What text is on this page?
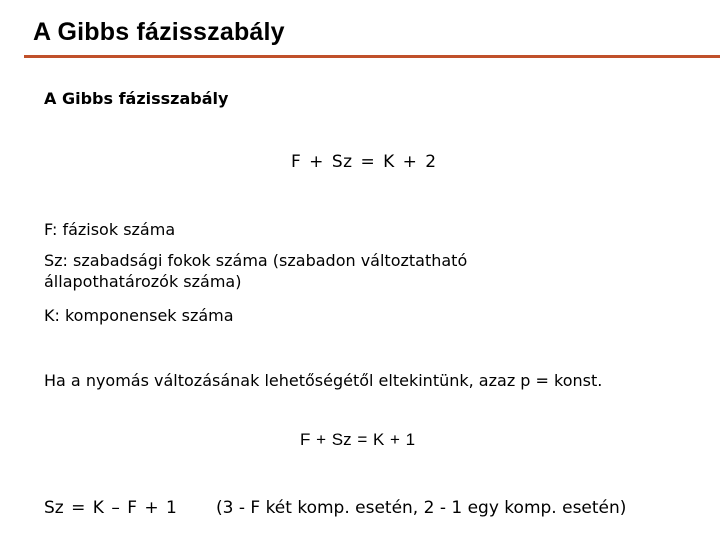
A Gibbs fázisszabály
A Gibbs fázisszabály
F + Sz = K + 2
F: fázisok száma
Sz: szabadsági fokok száma (szabadon változtatható
állapothatározók száma)
K: komponensek száma
Ha a nyomás változásának lehetőségétől eltekintünk, azaz p = konst.
F + Sz = K + 1
Sz = K – F + 1 (3 - F két komp. esetén, 2 - 1 egy komp. esetén)
